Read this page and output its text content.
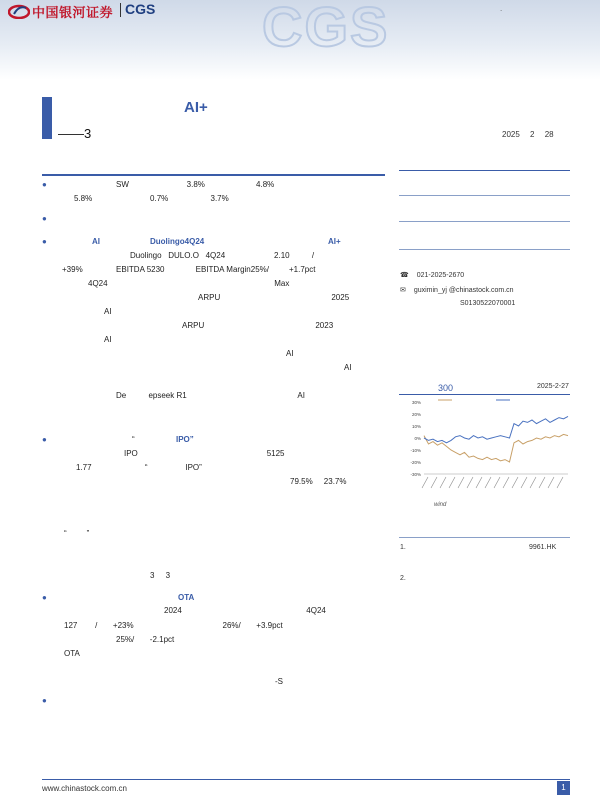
中国银河证券 CGS CGS	.
AI+
——3	2025 2 28
●	SW                          3.8%                       4.8%
5.8%                          0.7%                   3.7%
●
●	AI	Duolingo4Q24	AI+
Duolingo   DULO.O   4Q24                      2.10          /
+39%               EBITDA 5230              EBITDA Margin25%/         +1.7pct
4Q24                                                                           Max
ARPU                                                  2025
AI
ARPU                                                  2023
AI
AI
AI
De          epseek R1                                                  AI
●	“	IPO”
IPO                                                          5125
1.77                        “                 IPO”
79.5%     23.7%
“         ”
3     3
●	OTA
2024                                                        4Q24
127        /       +23%                                        26%/       +3.9pct
25%/       -2.1pct
OTA
-S
●
☎ 021-2025-2670
✉ guximin_yj @chinastock.com.cn
S0130522070001
300	2025-2-27
30%
20%
10%
0%
-10%
-20%
-30%
wind
1.	9961.HK
2.
www.chinastock.com.cn	1
